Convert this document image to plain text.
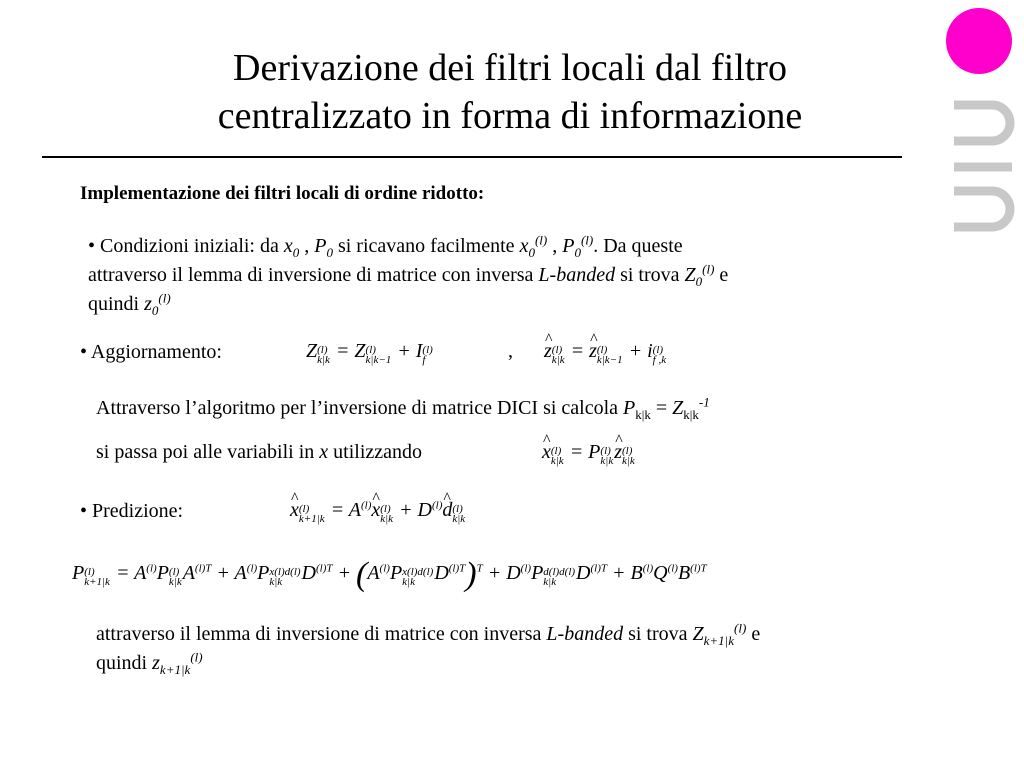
Derivazione dei filtri locali dal filtro
centralizzato in forma di informazione
Implementazione dei filtri locali di ordine ridotto:
• Condizioni iniziali: da $x_0$ , $P_0$ si ricavano facilmente $x_0^{(l)}$ , $P_0^{(l)}$. Da queste
attraverso il lemma di inversione di matrice con inversa L-banded si trova $Z_0^{(l)}$ e
quindi $z_0^{(l)}$
• Aggiornamento:	Z (l)
k|k = Z (l)
k|k−1 + I (l)
f	, ^ z (l)
k|k = ^ z (l)
k|k−1 + i (l)
f ,k
Attraverso l’algoritmo per l’inversione di matrice DICI si calcola $P_{k|k} = Z_{k|k}^{-1}$
si passa poi alle variabili in x utilizzando	^ x (l)
k|k = P (l)
k|k ^ z (l)
k|k
• Predizione:	^ x (l)
$k+1|k = A^{(l)}\^{}$ x (l)
$k|k + D^{(l)}\^{}$ d (l)
k|k
P (l)
$k+1|k = A^{(l)}P$ (l)
k|k $A^{(l)T} + A^{(l)}P$ x(l)d(l)
k|k $D^{(l)T} + (A^{(l)}P$ x(l)d(l)
k|k $D^{(l)T})^T + D^{(l)}P$ d(l)d(l)
k|k $D^{(l)T} + B^{(l)}Q^{(l)}B^{(l)T}$
attraverso il lemma di inversione di matrice con inversa L-banded si trova $Z_{k+1|k}^{(l)}$ e
quindi $z_{k+1|k}^{(l)}$
